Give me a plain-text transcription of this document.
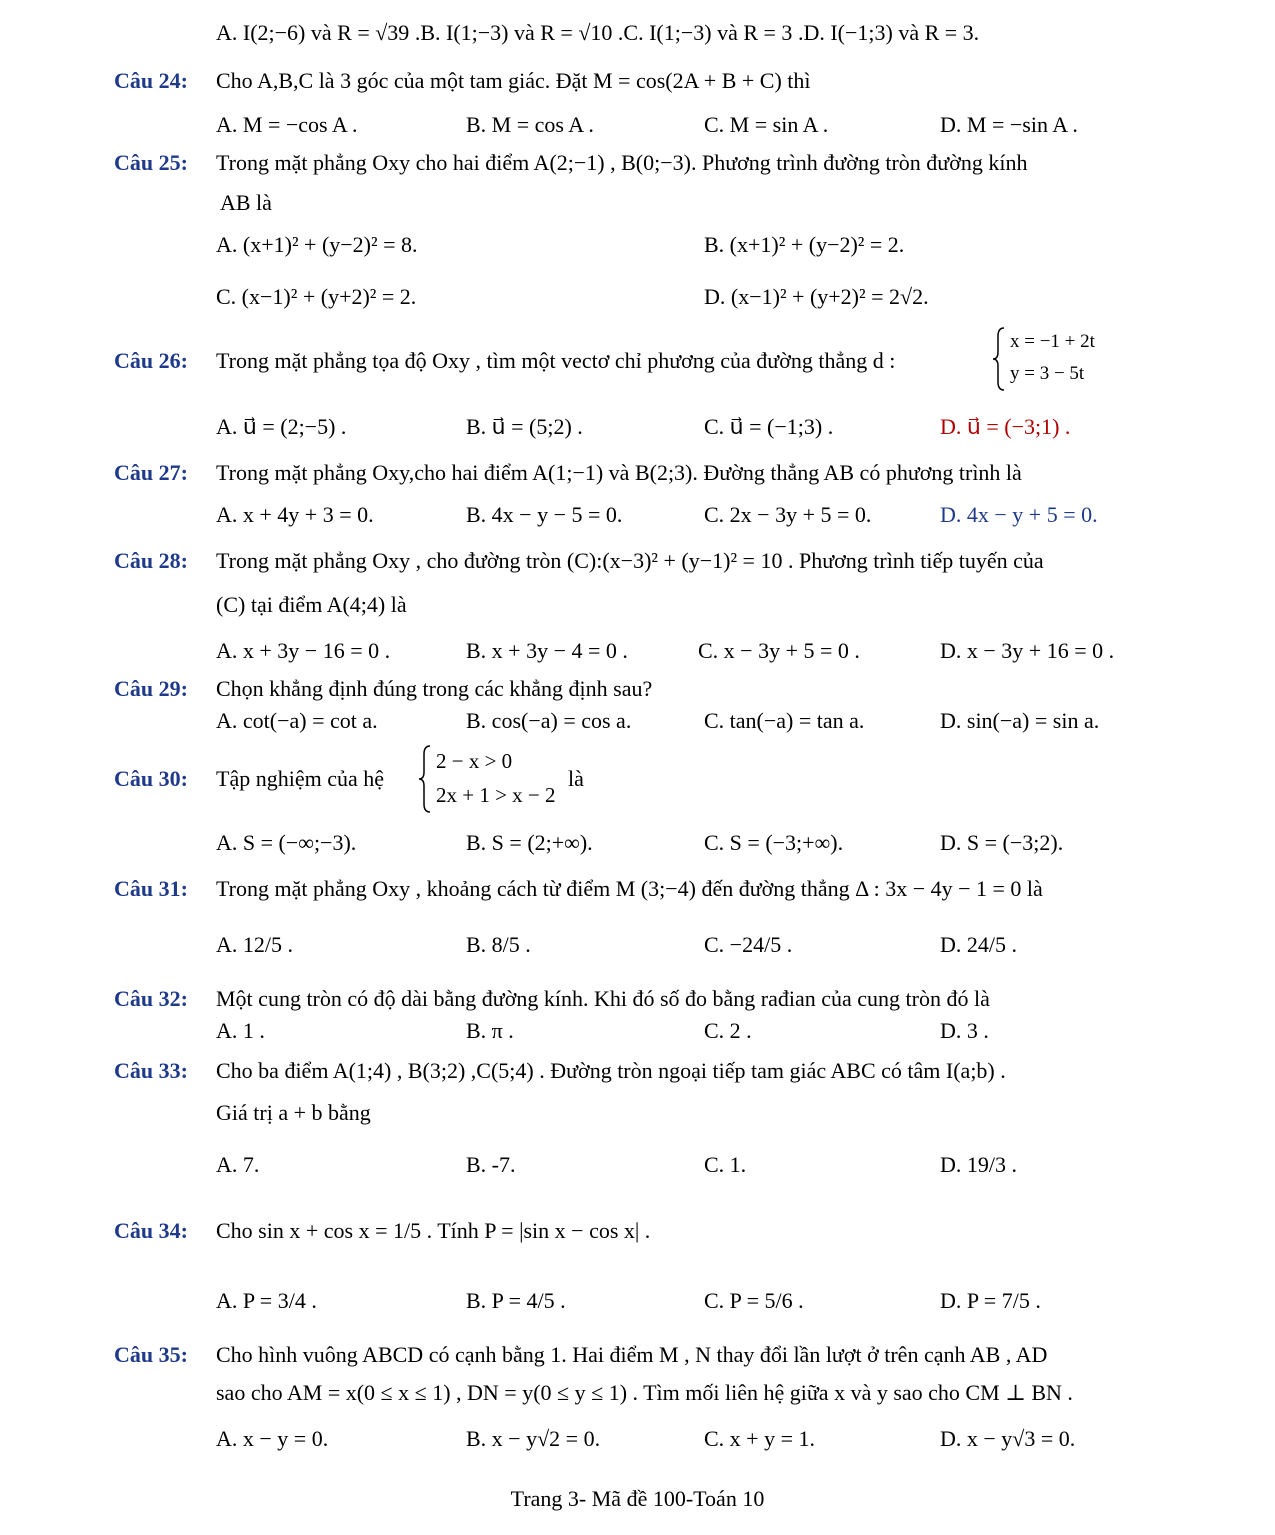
A. I(2;−6) và R = √39 .B. I(1;−3) và R = √10 .C. I(1;−3) và R = 3 .D. I(−1;3) và R = 3.
Câu 24: Cho A,B,C là 3 góc của một tam giác. Đặt M = cos(2A + B + C) thì
A. M = −cos A .	B. M = cos A .	C. M = sin A .	D. M = −sin A .
Câu 25: Trong mặt phẳng Oxy cho hai điểm A(2;−1) , B(0;−3). Phương trình đường tròn đường kính
AB là
A. (x+1)² + (y−2)² = 8.	B. (x+1)² + (y−2)² = 2.
C. (x−1)² + (y+2)² = 2.	D. (x−1)² + (y+2)² = 2√2.
Câu 26: Trong mặt phẳng tọa độ Oxy , tìm một vectơ chỉ phương của đường thẳng d :
x = −1 + 2t
y = 3 − 5t
A. u⃗ = (2;−5) .	B. u⃗ = (5;2) .	C. u⃗ = (−1;3) .	D. u⃗ = (−3;1) .
Câu 27: Trong mặt phẳng Oxy,cho hai điểm A(1;−1) và B(2;3). Đường thẳng AB có phương trình là
A. x + 4y + 3 = 0.	B. 4x − y − 5 = 0.	C. 2x − 3y + 5 = 0.	D. 4x − y + 5 = 0.
Câu 28: Trong mặt phẳng Oxy , cho đường tròn (C):(x−3)² + (y−1)² = 10 . Phương trình tiếp tuyến của
(C) tại điểm A(4;4) là
A. x + 3y − 16 = 0 .	B. x + 3y − 4 = 0 .	C. x − 3y + 5 = 0 .	D. x − 3y + 16 = 0 .
Câu 29: Chọn khẳng định đúng trong các khẳng định sau?
A. cot(−a) = cot a.	B. cos(−a) = cos a.	C. tan(−a) = tan a.	D. sin(−a) = sin a.
Câu 30: Tập nghiệm của hệ
2 − x > 0
2x + 1 > x − 2
là
A. S = (−∞;−3).	B. S = (2;+∞).	C. S = (−3;+∞).	D. S = (−3;2).
Câu 31: Trong mặt phẳng Oxy , khoảng cách từ điểm M (3;−4) đến đường thẳng Δ : 3x − 4y − 1 = 0 là
A. 12/5 .	B. 8/5 .	C. −24/5 .	D. 24/5 .
Câu 32: Một cung tròn có độ dài bằng đường kính. Khi đó số đo bằng rađian của cung tròn đó là
A. 1 .	B. π .	C. 2 .	D. 3 .
Câu 33: Cho ba điểm A(1;4) , B(3;2) ,C(5;4) . Đường tròn ngoại tiếp tam giác ABC có tâm I(a;b) .
Giá trị a + b bằng
A. 7.	B. -7.	C. 1.	D. 19/3 .
Câu 34: Cho sin x + cos x = 1/5 . Tính P = |sin x − cos x| .
A. P = 3/4 .	B. P = 4/5 .	C. P = 5/6 .	D. P = 7/5 .
Câu 35: Cho hình vuông ABCD có cạnh bằng 1. Hai điểm M , N thay đổi lần lượt ở trên cạnh AB , AD
sao cho AM = x(0 ≤ x ≤ 1) , DN = y(0 ≤ y ≤ 1) . Tìm mối liên hệ giữa x và y sao cho CM ⊥ BN .
A. x − y = 0.	B. x − y√2 = 0.	C. x + y = 1.	D. x − y√3 = 0.
Trang 3- Mã đề 100-Toán 10
